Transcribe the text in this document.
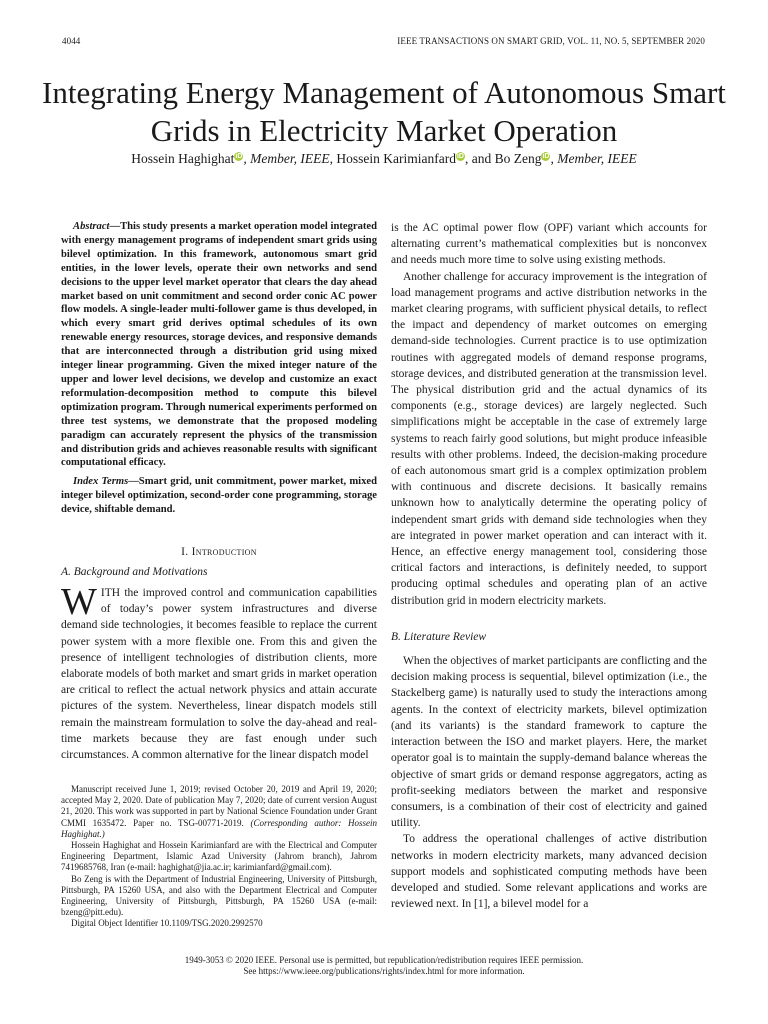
4044	IEEE TRANSACTIONS ON SMART GRID, VOL. 11, NO. 5, SEPTEMBER 2020
Integrating Energy Management of Autonomous Smart Grids in Electricity Market Operation
Hossein HaghighatiD, Member, IEEE, Hossein KarimianfardiD, and Bo ZengiD, Member, IEEE

Abstract—This study presents a market operation model integrated with energy management programs of independent smart grids using bilevel optimization. In this framework, autonomous smart grid entities, in the lower levels, operate their own networks and send decisions to the upper level market operator that clears the day ahead market based on unit commitment and second order conic AC power flow models. A single-leader multi-follower game is thus developed, in which every smart grid derives optimal schedules of its own renewable energy resources, storage devices, and responsive demands that are interconnected through a distribution grid using mixed integer linear programming. Given the mixed integer nature of the upper and lower level decisions, we develop and customize an exact reformulation-decomposition method to compute this bilevel optimization program. Through numerical experiments performed on three test systems, we demonstrate that the proposed modeling paradigm can accurately represent the physics of the transmission and distribution grids and achieves reasonable results with significant computational efficacy.

Index Terms—Smart grid, unit commitment, power market, mixed integer bilevel optimization, second-order cone programming, storage device, shiftable demand.

I. Introduction
A. Background and Motivations

WITH the improved control and communication capabilities of today’s power system infrastructures and diverse demand side technologies, it becomes feasible to replace the current power system with a more flexible one. From this and given the presence of intelligent technologies of distribution clients, more elaborate models of both market and smart grids in market operation are critical to reflect the actual network physics and attain accurate pictures of the system. Nevertheless, linear dispatch models still remain the mainstream formulation to solve the day-ahead and real-time markets because they are fast enough under such circumstances. A common alternative for the linear dispatch model

Manuscript received June 1, 2019; revised October 20, 2019 and April 19, 2020; accepted May 2, 2020. Date of publication May 7, 2020; date of current version August 21, 2020. This work was supported in part by National Science Foundation under Grant CMMI 1635472. Paper no. TSG-00771-2019. (Corresponding author: Hossein Haghighat.)

Hossein Haghighat and Hossein Karimianfard are with the Electrical and Computer Engineering Department, Islamic Azad University (Jahrom branch), Jahrom 7419685768, Iran (e-mail: haghighat@jia.ac.ir; karimianfard@gmail.com).

Bo Zeng is with the Department of Industrial Engineering, University of Pittsburgh, Pittsburgh, PA 15260 USA, and also with the Department Electrical and Computer Engineering, University of Pittsburgh, Pittsburgh, PA 15260 USA (e-mail: bzeng@pitt.edu).

Digital Object Identifier 10.1109/TSG.2020.2992570

is the AC optimal power flow (OPF) variant which accounts for alternating current’s mathematical complexities but is nonconvex and needs much more time to solve using existing methods.

Another challenge for accuracy improvement is the integration of load management programs and active distribution networks in the market clearing programs, with sufficient physical details, to reflect the impact and dependency of market outcomes on emerging demand-side technologies. Current practice is to use optimization routines with aggregated models of demand response programs, storage devices, and distributed generation at the transmission level. The physical distribution grid and the actual dynamics of its components (e.g., storage devices) are largely neglected. Such simplifications might be acceptable in the case of extremely large systems to reach fairly good solutions, but might produce infeasible results with other problems. Indeed, the decision-making procedure of each autonomous smart grid is a complex optimization problem with continuous and discrete decisions. It basically remains unknown how to analytically determine the operating policy of independent smart grids with demand side technologies when they are integrated in power market operation and can interact with it. Hence, an effective energy management tool, considering those critical factors and interactions, is definitely needed, to support producing optimal schedules and operating plan of an active distribution grid in modern electricity markets.

B. Literature Review

When the objectives of market participants are conflicting and the decision making process is sequential, bilevel optimization (i.e., the Stackelberg game) is naturally used to study the interactions among agents. In the context of electricity markets, bilevel optimization (and its variants) is the standard framework to capture the interaction between the ISO and market players. Here, the market operator goal is to maintain the supply-demand balance whereas the objective of smart grids or demand response aggregators, acting as profit-seeking mediators between the market and responsive consumers, is a combination of their cost of electricity and gained utility.

To address the operational challenges of active distribution networks in modern electricity markets, many advanced decision support models and sophisticated computing methods have been developed and studied. Some relevant applications and works are reviewed next. In [1], a bilevel model for a

1949-3053 © 2020 IEEE. Personal use is permitted, but republication/redistribution requires IEEE permission.
See https://www.ieee.org/publications/rights/index.html for more information.
